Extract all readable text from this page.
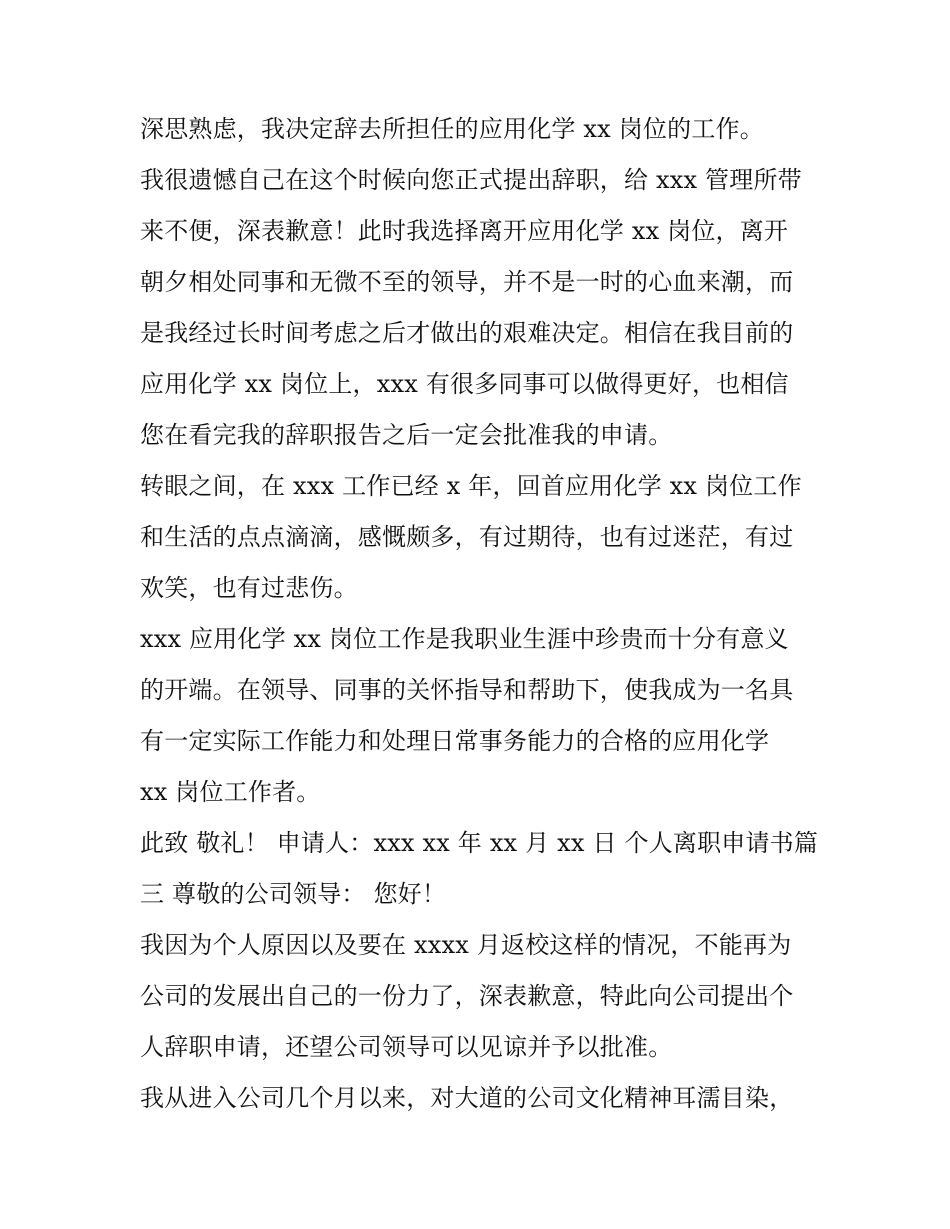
深思熟虑，我决定辞去所担任的应用化学 xx 岗位的工作。
我很遗憾自己在这个时候向您正式提出辞职，给 xxx 管理所带
来不便，深表歉意！此时我选择离开应用化学 xx 岗位，离开
朝夕相处同事和无微不至的领导，并不是一时的心血来潮，而
是我经过长时间考虑之后才做出的艰难决定。相信在我目前的
应用化学 xx 岗位上，xxx 有很多同事可以做得更好，也相信
您在看完我的辞职报告之后一定会批准我的申请。
转眼之间，在 xxx 工作已经 x 年，回首应用化学 xx 岗位工作
和生活的点点滴滴，感慨颇多，有过期待，也有过迷茫，有过
欢笑，也有过悲伤。
xxx 应用化学 xx 岗位工作是我职业生涯中珍贵而十分有意义
的开端。在领导、同事的关怀指导和帮助下，使我成为一名具
有一定实际工作能力和处理日常事务能力的合格的应用化学
xx 岗位工作者。
此致 敬礼！ 申请人：xxx xx 年 xx 月 xx 日 个人离职申请书篇
三 尊敬的公司领导： 您好！
我因为个人原因以及要在 xxxx 月返校这样的情况，不能再为
公司的发展出自己的一份力了，深表歉意，特此向公司提出个
人辞职申请，还望公司领导可以见谅并予以批准。
我从进入公司几个月以来，对大道的公司文化精神耳濡目染，
